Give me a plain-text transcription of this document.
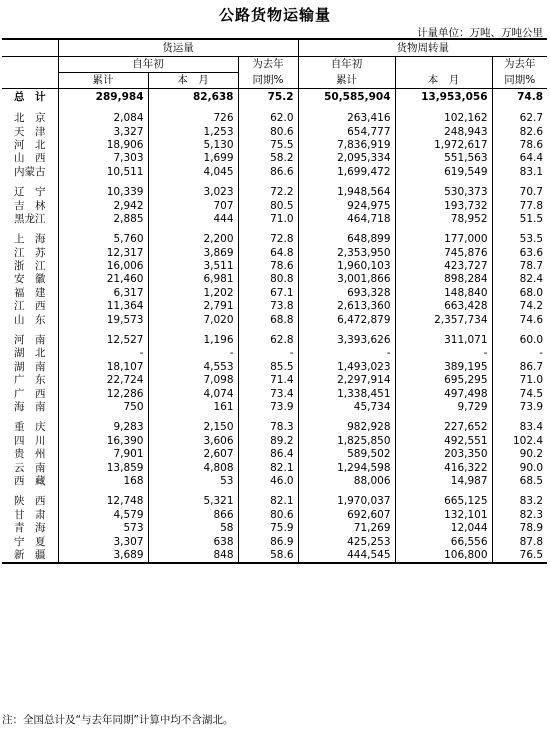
公路货物运输量
计量单位：万吨、万吨公里
	货运量			货物周转量		
	自年初		为去年	自年初		为去年
	累计	本　月	同期%	累计	本　月	同期%
总　计	289,984	82,638	75.2	50,585,904	13,953,056	74.8

北　京	2,084	726	62.0	263,416	102,162	62.7
天　津	3,327	1,253	80.6	654,777	248,943	82.6
河　北	18,906	5,130	75.5	7,836,919	1,972,617	78.6
山　西	7,303	1,699	58.2	2,095,334	551,563	64.4
内蒙古	10,511	4,045	86.6	1,699,472	619,549	83.1

辽　宁	10,339	3,023	72.2	1,948,564	530,373	70.7
吉　林	2,942	707	80.5	924,975	193,732	77.8
黑龙江	2,885	444	71.0	464,718	78,952	51.5

上　海	5,760	2,200	72.8	648,899	177,000	53.5
江　苏	12,317	3,869	64.8	2,353,950	745,876	63.6
浙　江	16,006	3,511	78.6	1,960,103	423,727	78.7
安　徽	21,460	6,981	80.8	3,001,866	898,284	82.4
福　建	6,317	1,202	67.1	693,328	148,840	68.0
江　西	11,364	2,791	73.8	2,613,360	663,428	74.2
山　东	19,573	7,020	68.8	6,472,879	2,357,734	74.6

河　南	12,527	1,196	62.8	3,393,626	311,071	60.0
湖　北	-	-	-	-	-	-
湖　南	18,107	4,553	85.5	1,493,023	389,195	86.7
广　东	22,724	7,098	71.4	2,297,914	695,295	71.0
广　西	12,286	4,074	73.4	1,338,451	497,498	74.5
海　南	750	161	73.9	45,734	9,729	73.9

重　庆	9,283	2,150	78.3	982,928	227,652	83.4
四　川	16,390	3,606	89.2	1,825,850	492,551	102.4
贵　州	7,901	2,607	86.4	589,502	203,350	90.2
云　南	13,859	4,808	82.1	1,294,598	416,322	90.0
西　藏	168	53	46.0	88,006	14,987	68.5

陕　西	12,748	5,321	82.1	1,970,037	665,125	83.2
甘　肃	4,579	866	80.6	692,607	132,101	82.3
青　海	573	58	75.9	71,269	12,044	78.9
宁　夏	3,307	638	86.9	425,253	66,556	87.8
新　疆	3,689	848	58.6	444,545	106,800	76.5
注：全国总计及“与去年同期”计算中均不含湖北。
